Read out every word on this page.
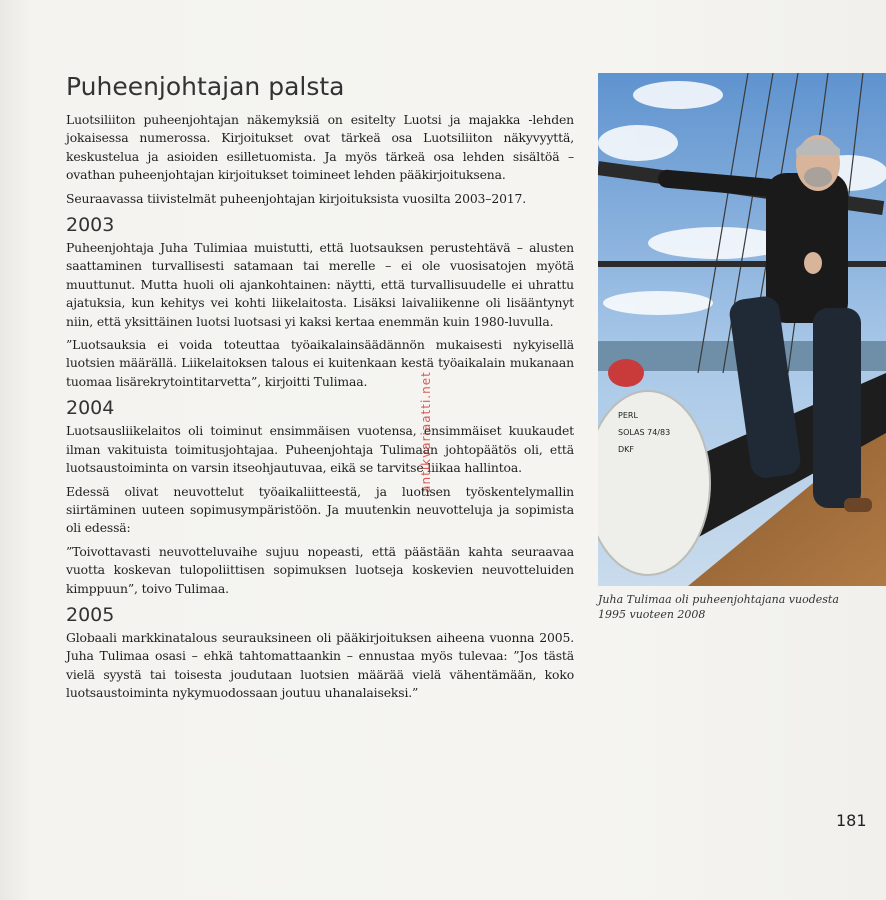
Puheenjohtajan palsta

Luotsiliiton puheenjohtajan näkemyksiä on esitelty Luotsi ja majakka -lehden jokaisessa numerossa. Kirjoitukset ovat tärkeä osa Luotsiliiton näkyvyyttä, keskustelua ja asioiden esilletuomista. Ja myös tärkeä osa lehden sisältöä – ovathan puheenjohtajan kirjoitukset toimineet lehden pääkirjoituksena.

Seuraavassa tiivistelmät puheenjohtajan kirjoituksista vuosilta 2003–2017.

2003

Puheenjohtaja Juha Tulimiaa muistutti, että luotsauksen perustehtävä – alusten saattaminen turvallisesti satamaan tai merelle – ei ole vuosisatojen myötä muuttunut. Mutta huoli oli ajankohtainen: näytti, että turvallisuudelle ei uhrattu ajatuksia, kun kehitys vei kohti liikelaitosta. Lisäksi laivaliikenne oli lisääntynyt niin, että yksittäinen luotsi luotsasi yi kaksi kertaa enemmän kuin 1980-luvulla.

”Luotsauksia ei voida toteuttaa työaikalainsäädännön mukaisesti nykyisellä luotsien määrällä. Liikelaitoksen talous ei kuitenkaan kestä työaikalain mukanaan tuomaa lisärekrytointitarvetta”, kirjoitti Tulimaa.

2004

Luotsausliikelaitos oli toiminut ensimmäisen vuotensa, ensimmäiset kuukaudet ilman vakituista toimitusjohtajaa. Puheenjohtaja Tulimaan johtopäätös oli, että luotsaustoiminta on varsin itseohjautuvaa, eikä se tarvitse liikaa hallintoa.

Edessä olivat neuvottelut työaikaliitteestä, ja luotisen työskentelymallin siirtäminen uuteen sopimusympäristöön. Ja muutenkin neuvotteluja ja sopimista oli edessä:

”Toivottavasti neuvotteluvaihe sujuu nopeasti, että päästään kahta seuraavaa vuotta koskevan tulopoliittisen sopimuksen luotseja koskevien neuvotteluiden kimppuun”, toivo Tulimaa.

2005

Globaali markkinatalous seurauksineen oli pääkirjoituksen aiheena vuonna 2005. Juha Tulimaa osasi – ehkä tahtomattaankin – ennustaa myös tulevaa: ”Jos tästä vielä syystä tai toisesta joudutaan luotsien määrää vielä vähentämään, koko luotsaustoiminta nykymuodossaan joutuu uhanalaiseksi.”

PERL
SOLAS 74/83
DKF
Juha Tulimaa oli puheenjohtajana vuodesta 1995 vuoteen 2008
antikvariaatti.net
181
